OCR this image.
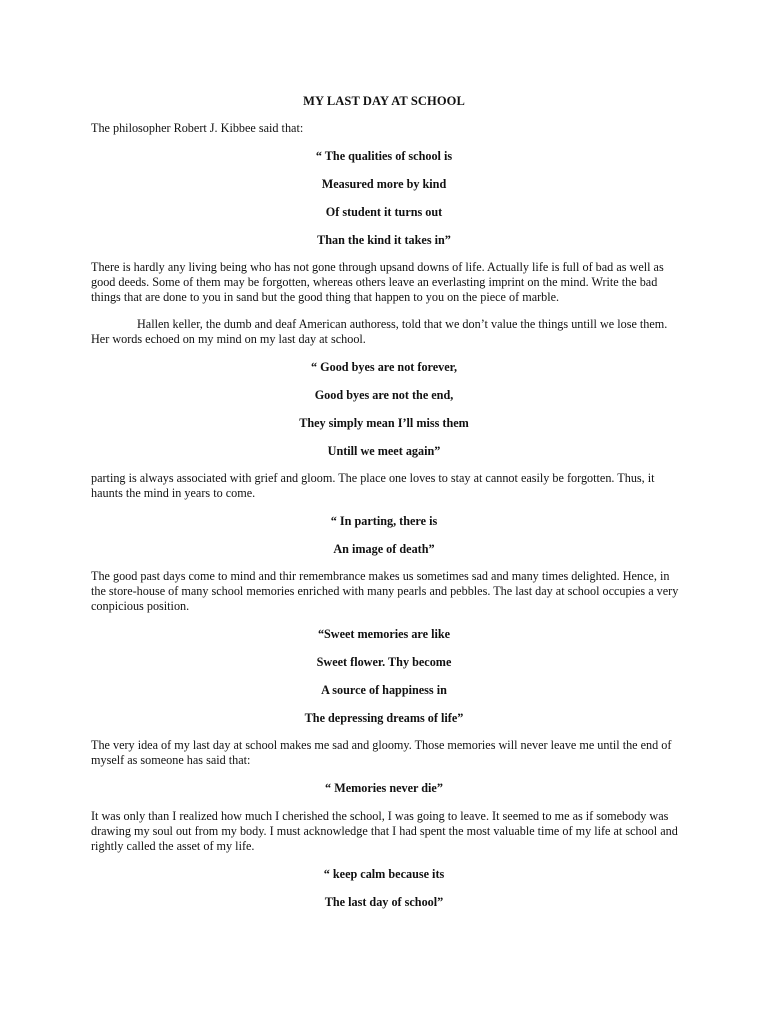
MY LAST DAY AT SCHOOL

The philosopher Robert J. Kibbee said that:

“ The qualities of school is
Measured more by kind
Of student it turns out
Than the kind it takes in”

There is hardly any living being who has not gone through upsand downs of life. Actually life is full of bad as well as good deeds. Some of them may be forgotten, whereas others leave an everlasting imprint on the mind. Write the bad things that are done to you in sand but the good thing that happen to you on the piece of marble.

Hallen keller, the dumb and deaf American authoress, told that we don’t value the things untill we lose them. Her words echoed on my mind on my last day at school.

“ Good byes are not forever,
Good byes are not the end,
They simply mean I’ll miss them
Untill we meet again”

parting is always associated with grief and gloom. The place one loves to stay at cannot easily be forgotten. Thus, it haunts the mind in years to come.

“ In parting, there is
An image of death”

The good past days come to mind and thir remembrance makes us sometimes sad and many times delighted. Hence, in the store-house of many school memories enriched with many pearls and pebbles. The last day at school occupies a very conpicious position.

“Sweet memories are like
Sweet flower. Thy become
A source of happiness in
The depressing dreams of life”

The very idea of my last day at school makes me sad and gloomy. Those memories will never leave me until the end of myself as someone has said that:

“ Memories never die”

It was only than I realized how much I cherished the school, I was going to leave. It seemed to me as if somebody was drawing my soul out from my body. I must acknowledge that I had spent the most valuable time of my life at school and rightly called the asset of my life.

“ keep calm because its
The last day of school”
